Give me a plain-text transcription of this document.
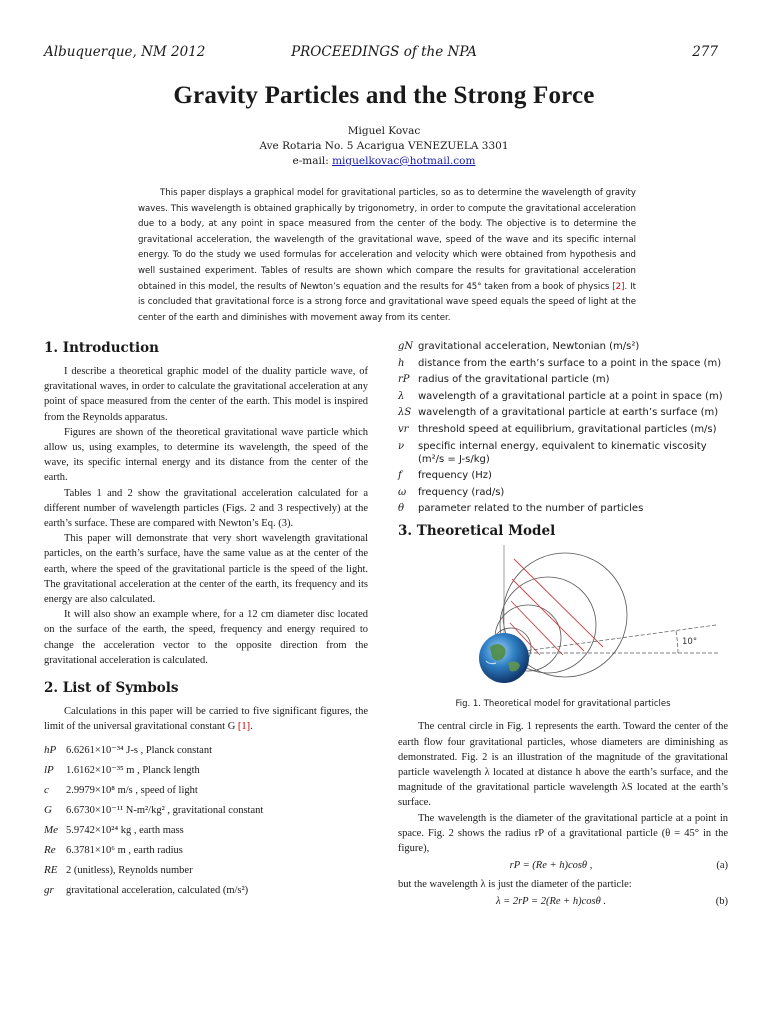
Albuquerque, NM 2012	PROCEEDINGS of the NPA	277
Gravity Particles and the Strong Force
Miguel Kovac
Ave Rotaria No. 5 Acarigua VENEZUELA 3301
e-mail: miguelkovac@hotmail.com
This paper displays a graphical model for gravitational particles, so as to determine the wavelength of gravity waves. This wavelength is obtained graphically by trigonometry, in order to compute the gravitational acceleration due to a body, at any point in space measured from the center of the body. The objective is to determine the gravitational acceleration, the wavelength of the gravitational wave, speed of the wave and its specific internal energy. To do the study we used formulas for acceleration and velocity which were obtained from hypothesis and well sustained experiment. Tables of results are shown which compare the results for gravitational acceleration obtained in this model, the results of Newton’s equation and the results for 45° taken from a book of physics [2]. It is concluded that gravitational force is a strong force and gravitational wave speed equals the speed of light at the center of the earth and diminishes with movement away from its center.
1. Introduction

I describe a theoretical graphic model of the duality particle wave, of gravitational waves, in order to calculate the gravitational acceleration at any point of space measured from the center of the earth. This model is inspired from the Reynolds apparatus.

Figures are shown of the theoretical gravitational wave particle which allow us, using examples, to determine its wavelength, the speed of the wave, its specific internal energy and its distance from the center of the earth.

Tables 1 and 2 show the gravitational acceleration calculated for a different number of wavelength particles (Figs. 2 and 3 respectively) at the earth’s surface. These are compared with Newton’s Eq. (3).

This paper will demonstrate that very short wavelength gravitational particles, on the earth’s surface, have the same value as at the center of the earth, where the speed of the gravitational particle is the speed of the light. The gravitational acceleration at the center of the earth, its frequency and its energy are also calculated.

It will also show an example where, for a 12 cm diameter disc located on the surface of the earth, the speed, frequency and energy required to change the acceleration vector to the opposite direction from the gravitational acceleration is calculated.

2. List of Symbols

Calculations in this paper will be carried to five significant figures, the limit of the universal gravitational constant G [1].

hP 6.6261×10⁻³⁴ J-s , Planck constant
lP	1.6162×10⁻³⁵ m , Planck length
c	2.9979×10⁸ m/s , speed of light
G	6.6730×10⁻¹¹ N-m²/kg² , gravitational constant
Me 5.9742×10²⁴ kg , earth mass
Re 6.3781×10⁶ m , earth radius
RE 2 (unitless), Reynolds number
gr	gravitational acceleration, calculated (m/s²)
gN gravitational acceleration, Newtonian (m/s²)
h	distance from the earth’s surface to a point in the space (m)
rP radius of the gravitational particle (m)
λ	wavelength of a gravitational particle at a point in space (m)
λS wavelength of a gravitational particle at earth’s surface (m)
vr threshold speed at equilibrium, gravitational particles (m/s)
ν	specific internal energy, equivalent to kinematic viscosity (m²/s = J-s/kg)
f	frequency (Hz)
ω	frequency (rad/s)
θ	parameter related to the number of particles
3. Theoretical Model
10°
Fig. 1. Theoretical model for gravitational particles

The central circle in Fig. 1 represents the earth. Toward the center of the earth flow four gravitational particles, whose diameters are diminishing as demonstrated. Fig. 2 is an illustration of the magnitude of the gravitational particle wavelength λ located at distance h above the earth’s surface, and the magnitude of the gravitational particle wavelength λS located at the earth’s surface.

The wavelength is the diameter of the gravitational particle at a point in space. Fig. 2 shows the radius rP of a gravitational particle (θ = 45° in the figure),

rP = (Re + h)cosθ ,	(a)

but the wavelength λ is just the diameter of the particle:

λ = 2rP = 2(Re + h)cosθ .	(b)
